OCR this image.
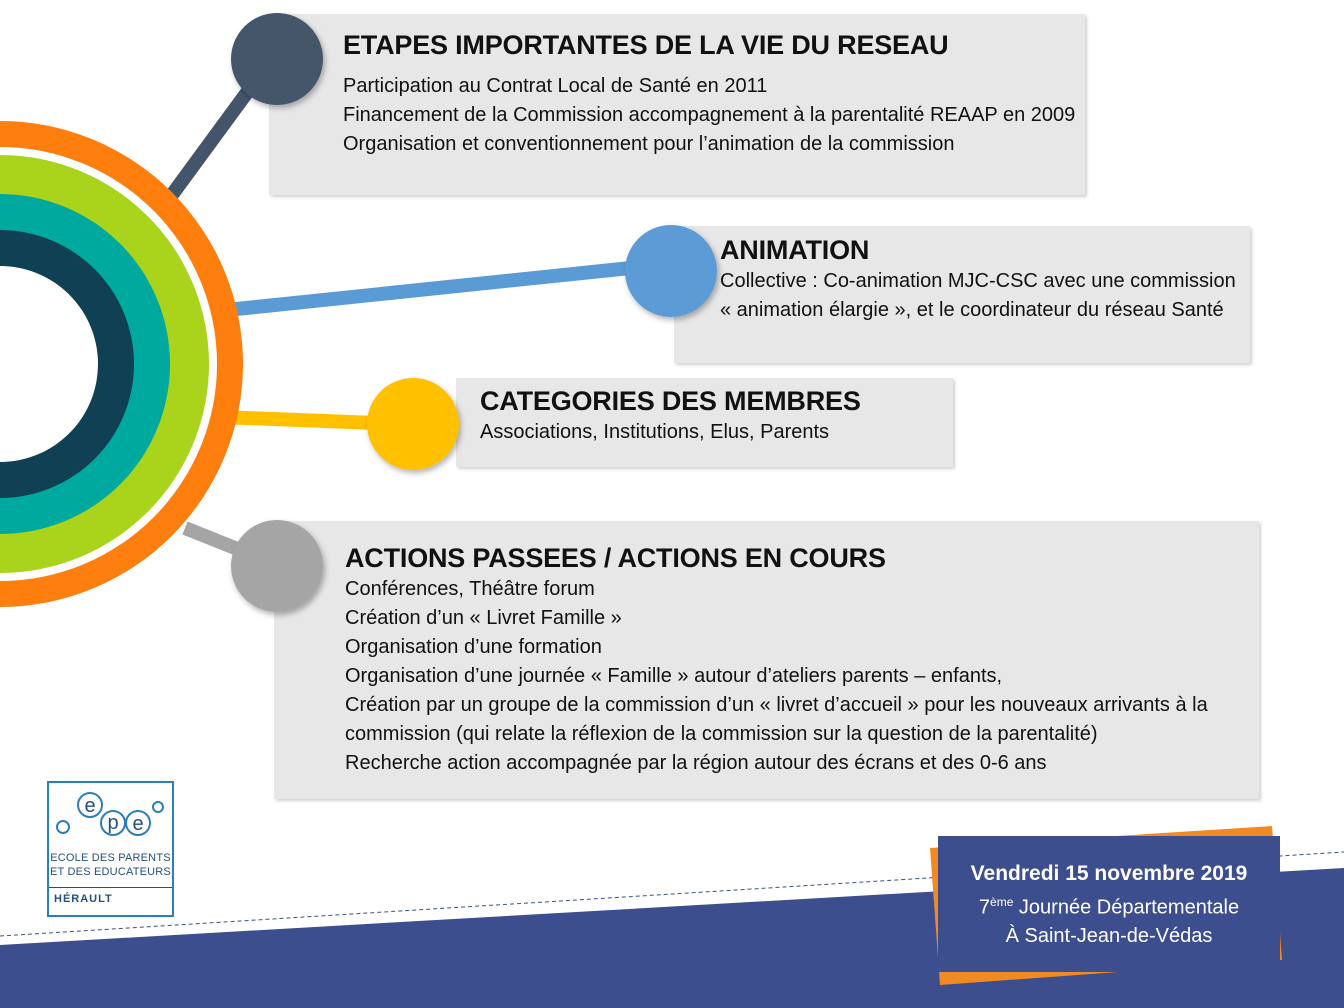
ETAPES IMPORTANTES DE LA VIE DU RESEAU
Participation au Contrat Local de Santé en 2011
Financement de la Commission accompagnement à la parentalité REAAP en 2009
Organisation et conventionnement pour l’animation de la commission
ANIMATION
Collective : Co-animation MJC-CSC avec une commission « animation élargie », et le coordinateur du réseau Santé
CATEGORIES DES MEMBRES
Associations, Institutions, Elus, Parents
ACTIONS PASSEES / ACTIONS EN COURS
Conférences, Théâtre forum
Création d’un « Livret Famille »
Organisation d’une formation
Organisation d’une journée « Famille » autour d’ateliers parents – enfants,
Création par un groupe de la commission d’un « livret d’accueil » pour les nouveaux arrivants à la commission (qui relate la réflexion de la commission sur la question de la parentalité)
Recherche action accompagnée par la région autour des écrans et des 0-6 ans
e
p e
ECOLE DES PARENTS
ET DES EDUCATEURS
HÉRAULT
Vendredi 15 novembre 2019
7ème Journée Départementale
À Saint-Jean-de-Védas
